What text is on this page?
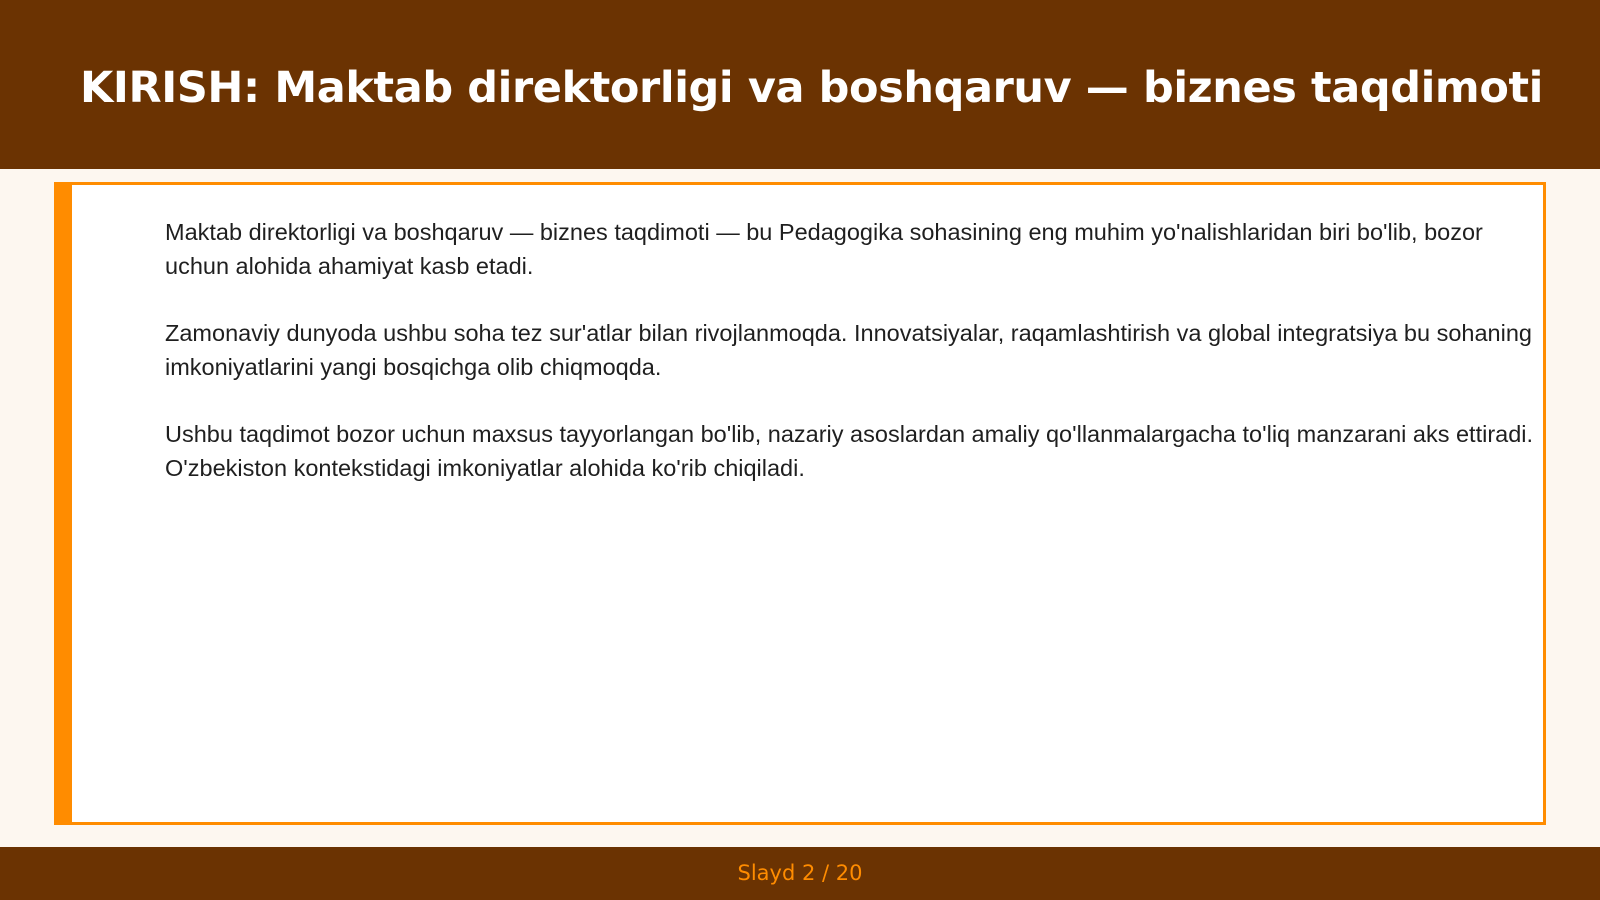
KIRISH: Maktab direktorligi va boshqaruv — biznes taqdimoti

Maktab direktorligi va boshqaruv — biznes taqdimoti — bu Pedagogika sohasining eng muhim yo'nalishlaridan biri bo'lib, bozor uchun alohida ahamiyat kasb etadi.

Zamonaviy dunyoda ushbu soha tez sur'atlar bilan rivojlanmoqda. Innovatsiyalar, raqamlashtirish va global integratsiya bu sohaning imkoniyatlarini yangi bosqichga olib chiqmoqda.

Ushbu taqdimot bozor uchun maxsus tayyorlangan bo'lib, nazariy asoslardan amaliy qo'llanmalargacha to'liq manzarani aks ettiradi. O'zbekiston kontekstidagi imkoniyatlar alohida ko'rib chiqiladi.

Slayd 2 / 20
